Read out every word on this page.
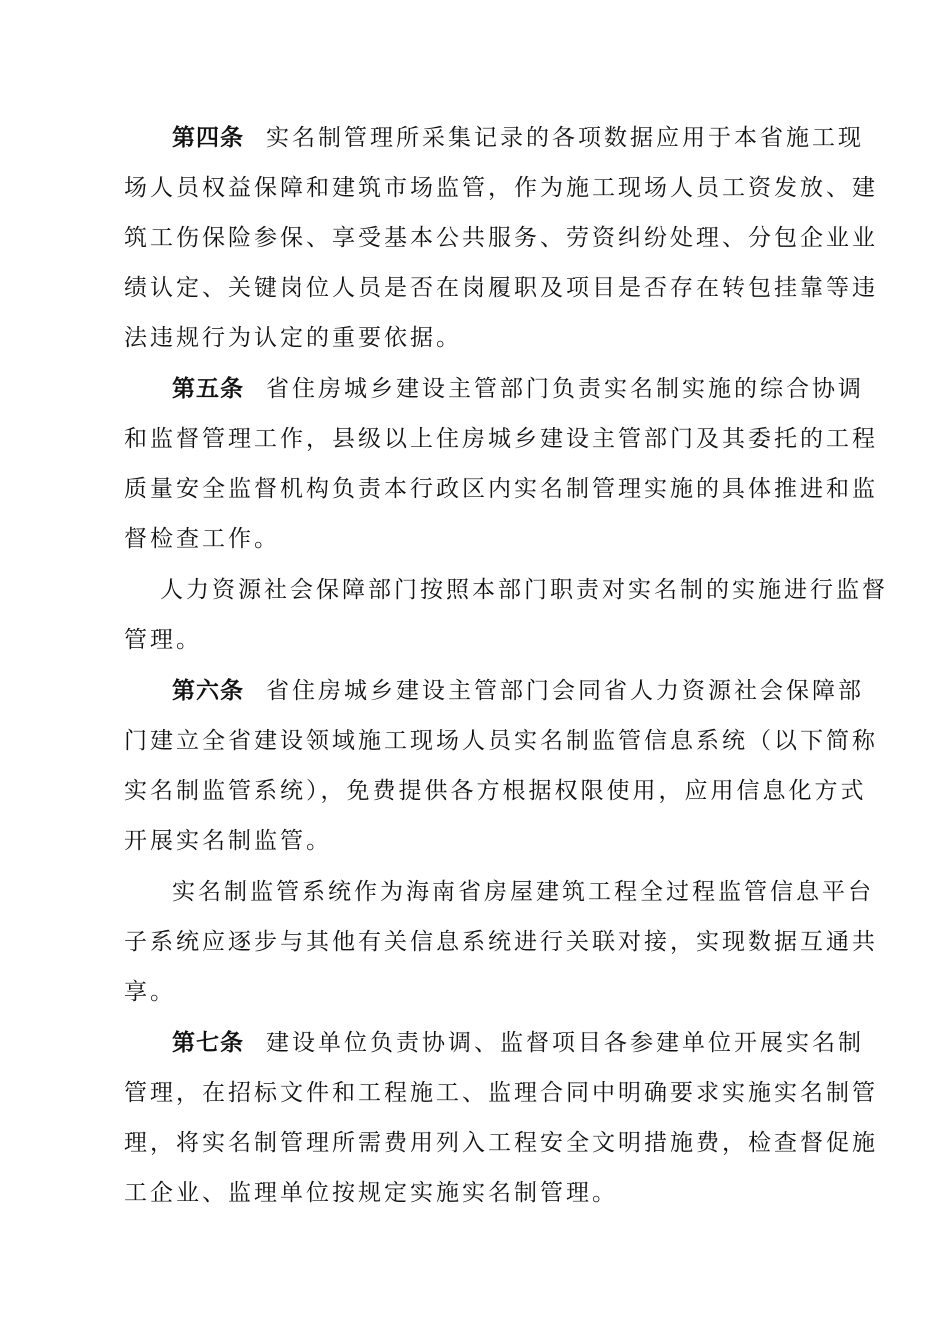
第四条 实名制管理所采集记录的各项数据应用于本省施工现
场人员权益保障和建筑市场监管，作为施工现场人员工资发放、建
筑工伤保险参保、享受基本公共服务、劳资纠纷处理、分包企业业
绩认定、关键岗位人员是否在岗履职及项目是否存在转包挂靠等违
法违规行为认定的重要依据。
第五条 省住房城乡建设主管部门负责实名制实施的综合协调
和监督管理工作，县级以上住房城乡建设主管部门及其委托的工程
质量安全监督机构负责本行政区内实名制管理实施的具体推进和监
督检查工作。
人力资源社会保障部门按照本部门职责对实名制的实施进行监督
管理。
第六条 省住房城乡建设主管部门会同省人力资源社会保障部
门建立全省建设领域施工现场人员实名制监管信息系统（以下简称
实名制监管系统），免费提供各方根据权限使用，应用信息化方式
开展实名制监管。
实名制监管系统作为海南省房屋建筑工程全过程监管信息平台
子系统应逐步与其他有关信息系统进行关联对接，实现数据互通共
享。
第七条 建设单位负责协调、监督项目各参建单位开展实名制
管理，在招标文件和工程施工、监理合同中明确要求实施实名制管
理，将实名制管理所需费用列入工程安全文明措施费，检查督促施
工企业、监理单位按规定实施实名制管理。
